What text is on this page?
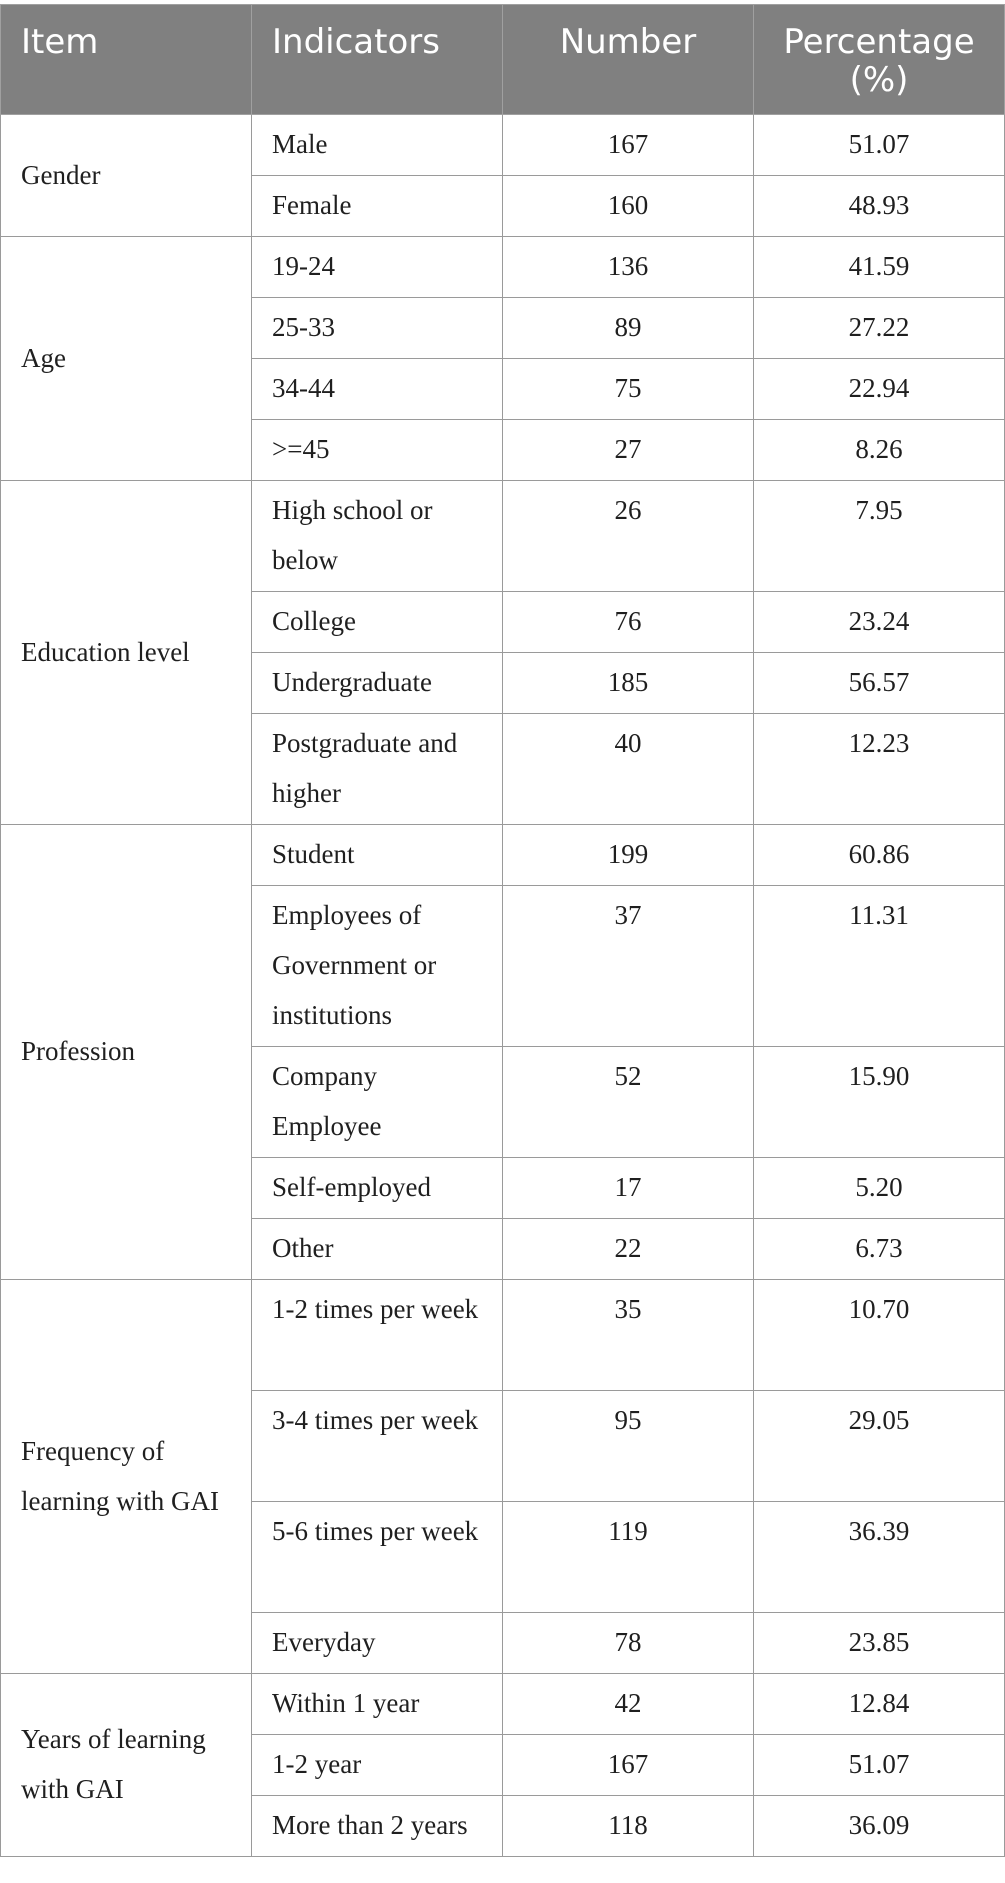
Item	Indicators	Number	Percentage (%)
Gender	Male	167	51.07
	Female	160	48.93
Age	19-24	136	41.59
	25-33	89	27.22
	34-44	75	22.94
	>=45	27	8.26
Education level	High school or below	26	7.95
	College	76	23.24
	Undergraduate	185	56.57
	Postgraduate and higher	40	12.23
Profession	Student	199	60.86
	Employees of Government or institutions	37	11.31
	Company Employee	52	15.90
	Self-employed	17	5.20
	Other	22	6.73
Frequency of learning with GAI	1-2 times per week	35	10.70
	3-4 times per week	95	29.05
	5-6 times per week	119	36.39
	Everyday	78	23.85
Years of learning with GAI	Within 1 year	42	12.84
	1-2 year	167	51.07
	More than 2 years	118	36.09
